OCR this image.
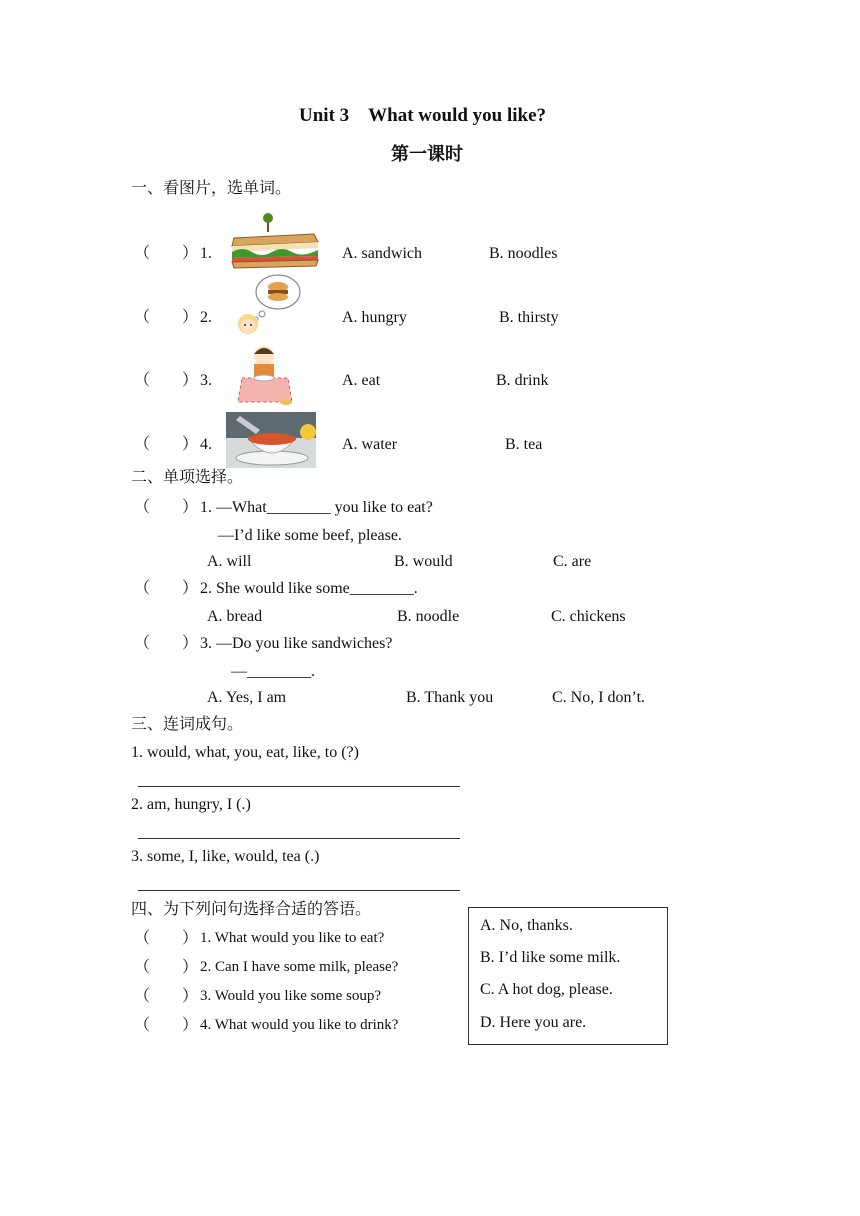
Unit 3　What would you like?
第一课时
一、看图片，选单词。
（　　） 1.	A. sandwich	B. noodles
（　　） 2.	A. hungry	B. thirsty
（　　） 3.	A. eat	B. drink
（　　） 4.	A. water	B. tea
二、单项选择。
（　　） 1. —What________ you like to eat?
—I’d like some beef, please.
A. will	B. would	C. are
（　　） 2. She would like some________.
A. bread	B. noodle	C. chickens
（　　） 3. —Do you like sandwiches?
—________.
A. Yes, I am	B. Thank you	C. No, I don’t.
三、连词成句。
1. would, what, you, eat, like, to (?)
2. am, hungry, I (.)
3. some, I, like, would, tea (.)
四、为下列问句选择合适的答语。
（　　） 1. What would you like to eat?
（　　） 2. Can I have some milk, please?
（　　） 3. Would you like some soup?
（　　） 4. What would you like to drink?
A. No, thanks.
B. I’d like some milk.
C. A hot dog, please.
D. Here you are.
